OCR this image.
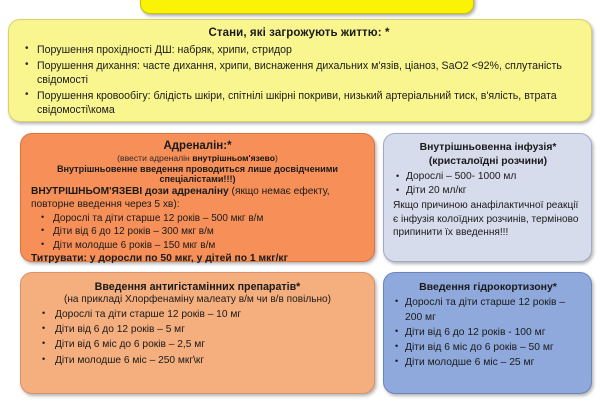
Стани, які загрожують життю: *
• Порушення прохідності ДШ: набряк, хрипи, стридор
• Порушення дихання: часте дихання, хрипи, виснаження дихальних м'язів, ціаноз, SaO2 <92%, сплутаність свідомості
• Порушення кровообігу: блідість шкіри, спітнілі шкірні покриви, низький артеріальний тиск, в'ялість, втрата свідомості\кома
Адреналін:*
(ввести адреналін внутрішньом'язево)
Внутрішньовенне введення проводиться лише досвідченими спеціалістами!!!)
ВНУТРІШНЬОМ'ЯЗЕВІ дози адреналіну (якщо немає ефекту, повторне введення через 5 хв):
• Дорослі та діти старше 12 років – 500 мкг в/м
• Діти від 6 до 12 років – 300 мкг в/м
• Діти молодше 6 років – 150 мкг в/м
Титрувати: у доросли по 50 мкг, у дітей по 1 мкг/кг
Внутрішньовенна інфузія*
(кристалоїдні розчини)
• Дорослі – 500- 1000 мл
• Діти 20 мл/кг

Якщо причиною анафілактичної реакції є інфузія колоїдних розчинів, терміново припинити їх введення!!!

Введення антигістамінних препаратів*
(на прикладі Хлорфенаміну малеату в/м чи в/в повільно)
• Дорослі та діти старше 12 років – 10 мг
• Діти від 6 до 12 років – 5 мг
• Діти від 6 міс до 6 років – 2,5 мг
• Діти молодше 6 міс – 250 мкг\кг
Введення гідрокортизону*
• Дорослі та діти старше 12 років – 200 мг
• Діти від 6 до 12 років - 100 мг
• Діти від 6 міс до 6 років – 50 мг
• Діти молодше 6 міс – 25 мг
